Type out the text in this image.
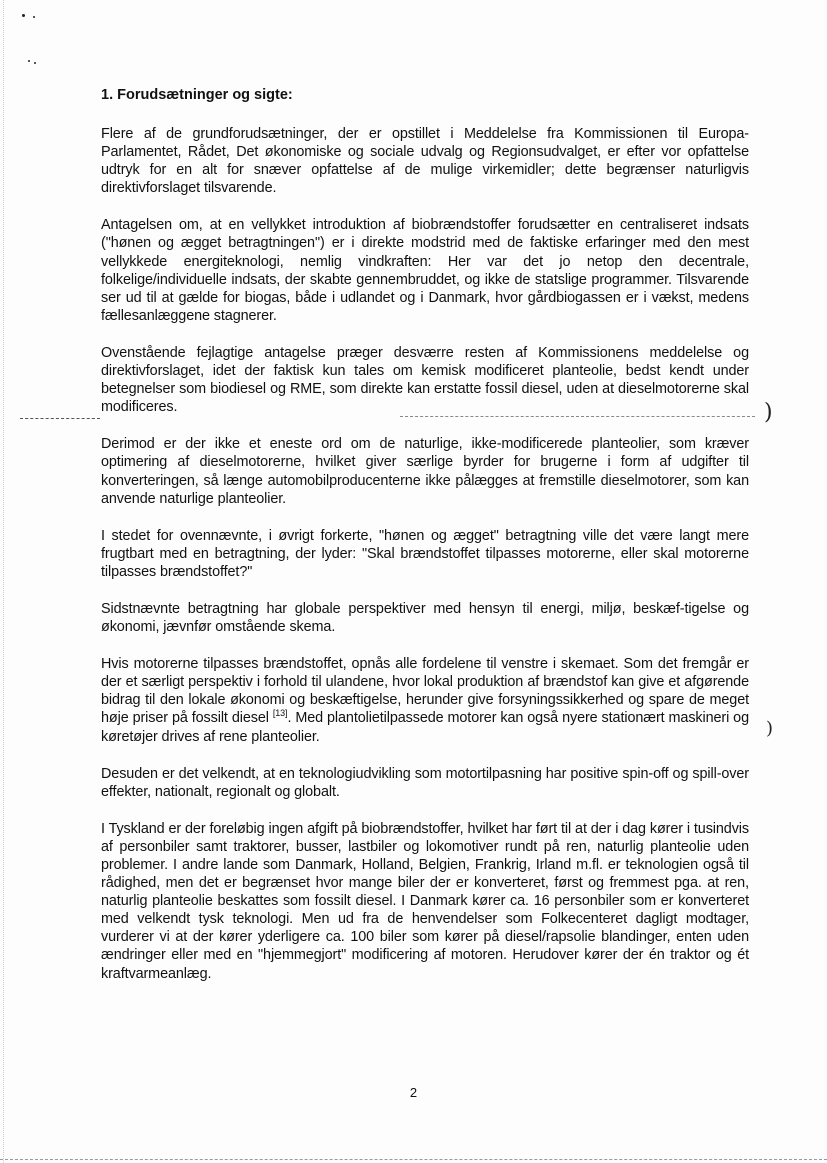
)
)
1. Forudsætninger og sigte:

Flere af de grundforudsætninger, der er opstillet i Meddelelse fra Kommissionen til Europa-Parlamentet, Rådet, Det økonomiske og sociale udvalg og Regionsudvalget, er efter vor opfattelse udtryk for en alt for snæver opfattelse af de mulige virkemidler; dette begrænser naturligvis direktivforslaget tilsvarende.

Antagelsen om, at en vellykket introduktion af biobrændstoffer forudsætter en centraliseret indsats ("hønen og ægget betragtningen") er i direkte modstrid med de faktiske erfaringer med den mest vellykkede energiteknologi, nemlig vindkraften: Her var det jo netop den decentrale, folkelige/individuelle indsats, der skabte gennembruddet, og ikke de statslige programmer. Tilsvarende ser ud til at gælde for biogas, både i udlandet og i Danmark, hvor gårdbiogassen er i vækst, medens fællesanlæggene stagnerer.

Ovenstående fejlagtige antagelse præger desværre resten af Kommissionens meddelelse og direktivforslaget, idet der faktisk kun tales om kemisk modificeret planteolie, bedst kendt under betegnelser som biodiesel og RME, som direkte kan erstatte fossil diesel, uden at dieselmotorerne skal modificeres.

Derimod er der ikke et eneste ord om de naturlige, ikke-modificerede planteolier, som kræver optimering af dieselmotorerne, hvilket giver særlige byrder for brugerne i form af udgifter til konverteringen, så længe automobilproducenterne ikke pålægges at fremstille dieselmotorer, som kan anvende naturlige planteolier.

I stedet for ovennævnte, i øvrigt forkerte, "hønen og ægget" betragtning ville det være langt mere frugtbart med en betragtning, der lyder: "Skal brændstoffet tilpasses motorerne, eller skal motorerne tilpasses brændstoffet?"

Sidstnævnte betragtning har globale perspektiver med hensyn til energi, miljø, beskæf-tigelse og økonomi, jævnfør omstående skema.

Hvis motorerne tilpasses brændstoffet, opnås alle fordelene til venstre i skemaet. Som det fremgår er der et særligt perspektiv i forhold til ulandene, hvor lokal produktion af brændstof kan give et afgørende bidrag til den lokale økonomi og beskæftigelse, herunder give forsyningssikkerhed og spare de meget høje priser på fossilt diesel [13]. Med plantolietilpassede motorer kan også nyere stationært maskineri og køretøjer drives af rene planteolier.

Desuden er det velkendt, at en teknologiudvikling som motortilpasning har positive spin-off og spill-over effekter, nationalt, regionalt og globalt.

I Tyskland er der foreløbig ingen afgift på biobrændstoffer, hvilket har ført til at der i dag kører i tusindvis af personbiler samt traktorer, busser, lastbiler og lokomotiver rundt på ren, naturlig planteolie uden problemer. I andre lande som Danmark, Holland, Belgien, Frankrig, Irland m.fl. er teknologien også til rådighed, men det er begrænset hvor mange biler der er konverteret, først og fremmest pga. at ren, naturlig planteolie beskattes som fossilt diesel. I Danmark kører ca. 16 personbiler som er konverteret med velkendt tysk teknologi. Men ud fra de henvendelser som Folkecenteret dagligt modtager, vurderer vi at der kører yderligere ca. 100 biler som kører på diesel/rapsolie blandinger, enten uden ændringer eller med en "hjemmegjort" modificering af motoren. Herudover kører der én traktor og ét kraftvarmeanlæg.

2
